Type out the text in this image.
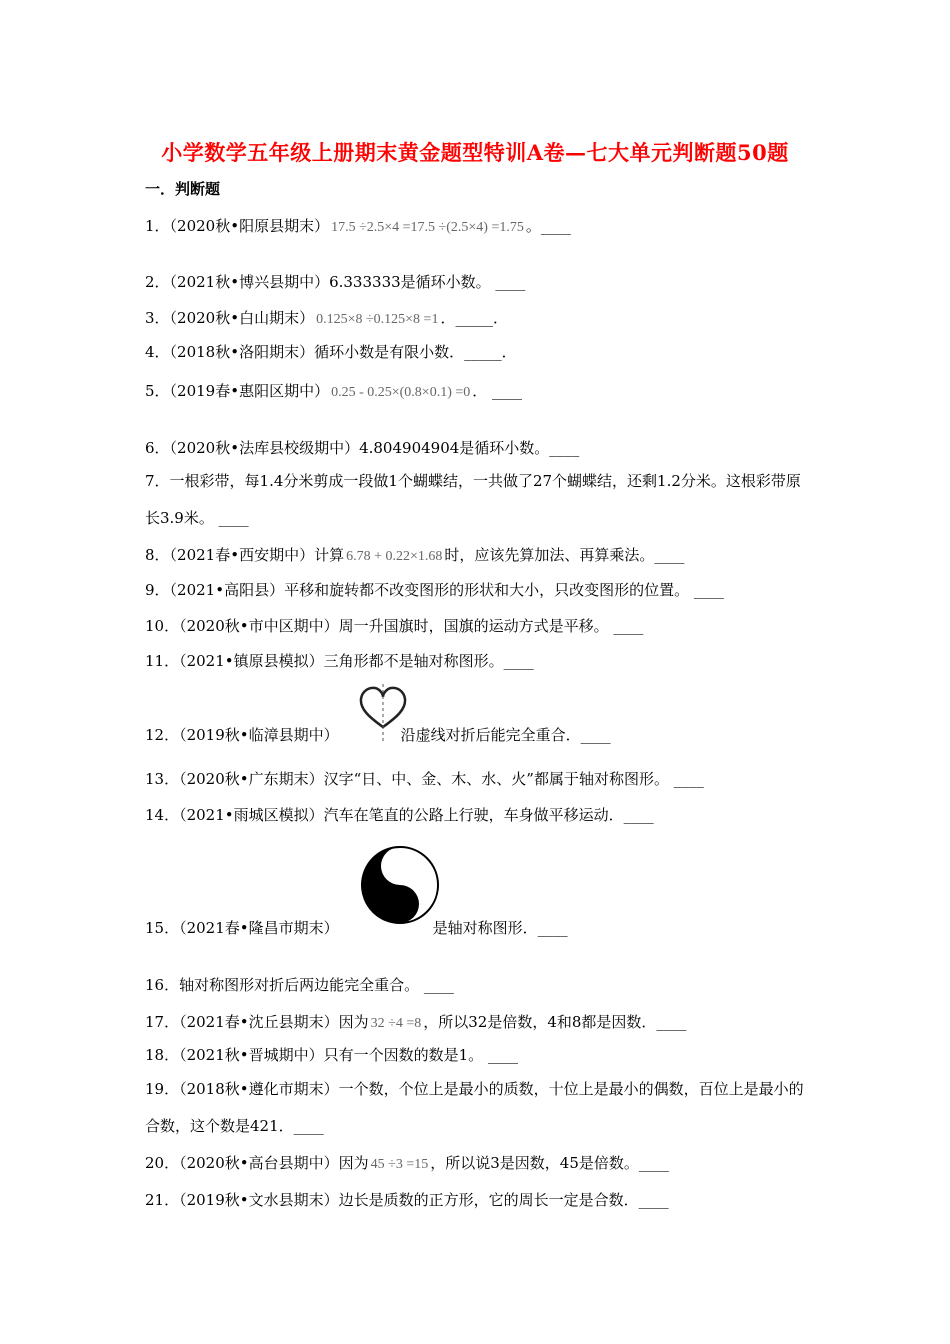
小学数学五年级上册期末黄金题型特训A卷—七大单元判断题50题
一．判断题
1．（2020秋•阳原县期末） 17.5 ÷2.5×4 =17.5 ÷(2.5×4) =1.75 。____
2．（2021秋•博兴县期中）6.333333是循环小数。 ____
3．（2020秋•白山期末） 0.125×8 ÷0.125×8 =1 ．_____．
4．（2018秋•洛阳期末）循环小数是有限小数．_____．
5．（2019春•惠阳区期中） 0.25 - 0.25×(0.8×0.1) =0 ． ____
6．（2020秋•法库县校级期中）4.804904904是循环小数。____
7．一根彩带，每1.4分米剪成一段做1个蝴蝶结，一共做了27个蝴蝶结，还剩1.2分米。这根彩带原长3.9米。 ____
8．（2021春•西安期中）计算 6.78 + 0.22×1.68 时，应该先算加法、再算乘法。____
9．（2021•高阳县）平移和旋转都不改变图形的形状和大小，只改变图形的位置。 ____
10．（2020秋•市中区期中）周一升国旗时，国旗的运动方式是平移。 ____
11．（2021•镇原县模拟）三角形都不是轴对称图形。____
12．（2019秋•临漳县期中）	沿虚线对折后能完全重合．____
13．（2020秋•广东期末）汉字“日、中、金、木、水、火”都属于轴对称图形。 ____
14．（2021•雨城区模拟）汽车在笔直的公路上行驶，车身做平移运动．____
15．（2021春•隆昌市期末）	是轴对称图形．____
16．轴对称图形对折后两边能完全重合。 ____
17．（2021春•沈丘县期末）因为 32 ÷4 =8 ，所以32是倍数，4和8都是因数．____
18．（2021秋•晋城期中）只有一个因数的数是1。 ____
19．（2018秋•遵化市期末）一个数，个位上是最小的质数，十位上是最小的偶数，百位上是最小的合数，这个数是421．____
20．（2020秋•高台县期中）因为 45 ÷3 =15 ，所以说3是因数，45是倍数。____
21．（2019秋•文水县期末）边长是质数的正方形，它的周长一定是合数．____
